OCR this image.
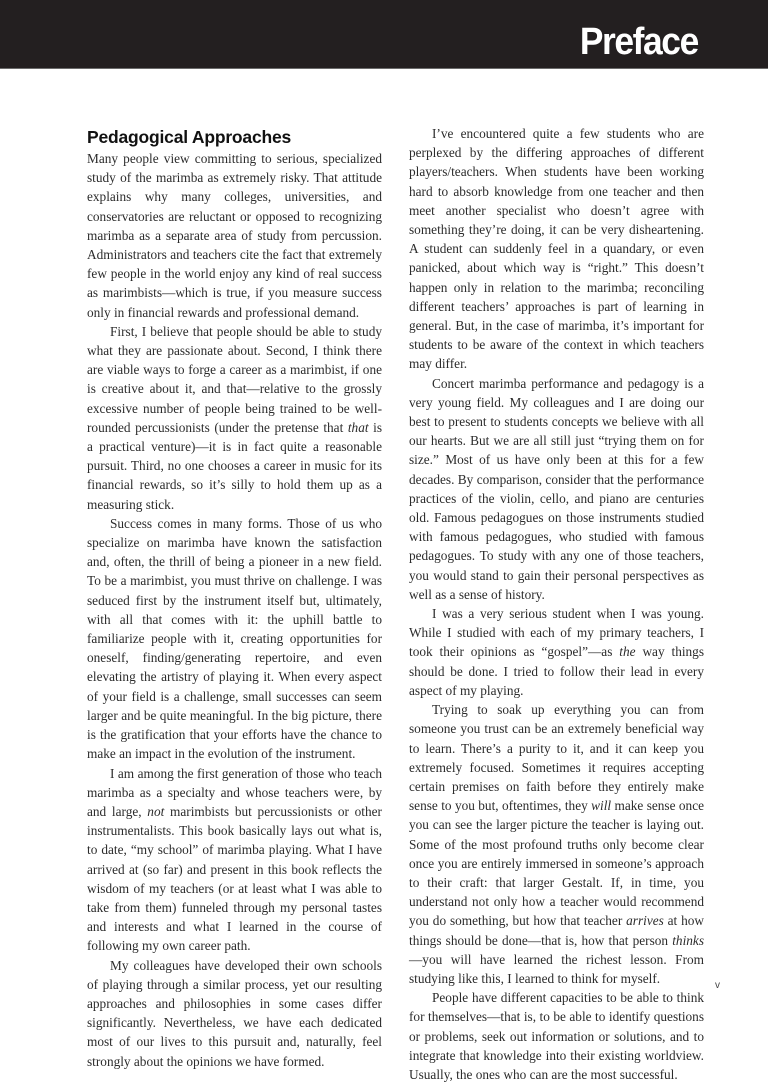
Preface
Pedagogical Approaches

Many people view committing to serious, specialized study of the marimba as extremely risky. That attitude explains why many colleges, universities, and conservatories are reluctant or opposed to recognizing marimba as a separate area of study from percussion. Administrators and teachers cite the fact that extremely few people in the world enjoy any kind of real success as marimbists—which is true, if you measure success only in financial rewards and professional demand.

First, I believe that people should be able to study what they are passionate about. Second, I think there are viable ways to forge a career as a marimbist, if one is creative about it, and that—relative to the grossly excessive number of people being trained to be well-rounded percussionists (under the pretense that that is a practical venture)—it is in fact quite a reasonable pursuit. Third, no one chooses a career in music for its financial rewards, so it’s silly to hold them up as a measuring stick.

Success comes in many forms. Those of us who specialize on marimba have known the satisfaction and, often, the thrill of being a pioneer in a new field. To be a marimbist, you must thrive on challenge. I was seduced first by the instrument itself but, ultimately, with all that comes with it: the uphill battle to familiarize people with it, creating opportunities for oneself, finding/generating repertoire, and even elevating the artistry of playing it. When every aspect of your field is a challenge, small successes can seem larger and be quite meaningful. In the big picture, there is the gratification that your efforts have the chance to make an impact in the evolution of the instrument.

I am among the first generation of those who teach marimba as a specialty and whose teachers were, by and large, not marimbists but percussionists or other instrumentalists. This book basically lays out what is, to date, “my school” of marimba playing. What I have arrived at (so far) and present in this book reflects the wisdom of my teachers (or at least what I was able to take from them) funneled through my personal tastes and interests and what I learned in the course of following my own career path.

My colleagues have developed their own schools of playing through a similar process, yet our resulting approaches and philosophies in some cases differ significantly. Nevertheless, we have each dedicated most of our lives to this pursuit and, naturally, feel strongly about the opinions we have formed.

I’ve encountered quite a few students who are perplexed by the differing approaches of different players/teachers. When students have been working hard to absorb knowledge from one teacher and then meet another specialist who doesn’t agree with something they’re doing, it can be very disheartening. A student can suddenly feel in a quandary, or even panicked, about which way is “right.” This doesn’t happen only in relation to the marimba; reconciling different teachers’ approaches is part of learning in general. But, in the case of marimba, it’s important for students to be aware of the context in which teachers may differ.

Concert marimba performance and pedagogy is a very young field. My colleagues and I are doing our best to present to students concepts we believe with all our hearts. But we are all still just “trying them on for size.” Most of us have only been at this for a few decades. By comparison, consider that the performance practices of the violin, cello, and piano are centuries old. Famous pedagogues on those instruments studied with famous pedagogues, who studied with famous pedagogues. To study with any one of those teachers, you would stand to gain their personal perspectives as well as a sense of history.

I was a very serious student when I was young. While I studied with each of my primary teachers, I took their opinions as “gospel”—as the way things should be done. I tried to follow their lead in every aspect of my playing.

Trying to soak up everything you can from someone you trust can be an extremely beneficial way to learn. There’s a purity to it, and it can keep you extremely focused. Sometimes it requires accepting certain premises on faith before they entirely make sense to you but, oftentimes, they will make sense once you can see the larger picture the teacher is laying out. Some of the most profound truths only become clear once you are entirely immersed in someone’s approach to their craft: that larger Gestalt. If, in time, you understand not only how a teacher would recommend you do something, but how that teacher arrives at how things should be done—that is, how that person thinks—you will have learned the richest lesson. From studying like this, I learned to think for myself.

People have different capacities to be able to think for themselves—that is, to be able to identify questions or problems, seek out information or solutions, and to integrate that knowledge into their existing worldview. Usually, the ones who can are the most successful.

v
